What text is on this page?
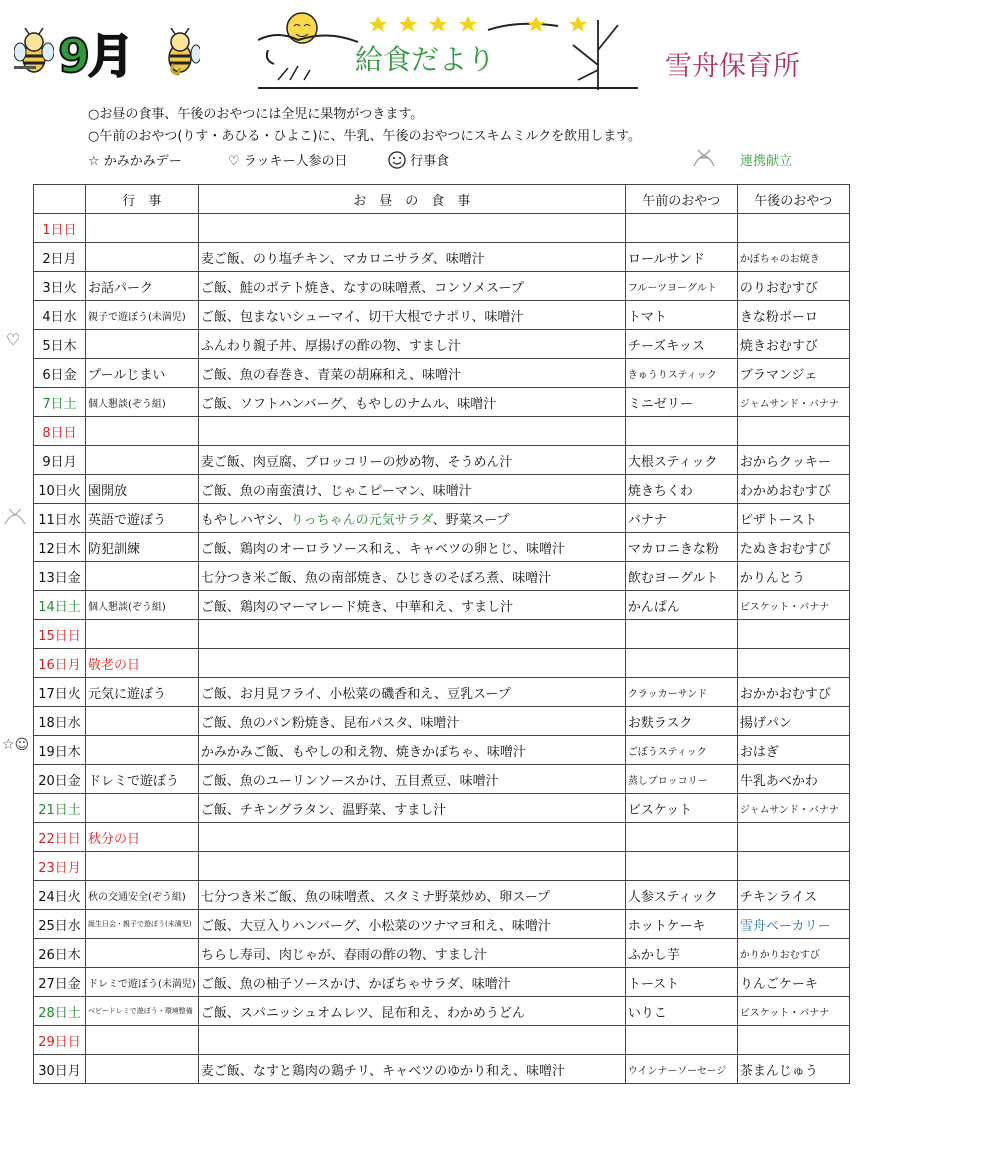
9月	給食だより	雪舟保育所
○お昼の食事、午後のおやつには全児に果物がつきます。
○午前のおやつ(りす・あひる・ひよこ)に、牛乳、午後のおやつにスキムミルクを飲用します。
☆ かみかみデー	♡ ラッキー人参の日	行事食	連携献立
♡
☆☺
	行　事	お　昼　の　食　事	午前のおやつ	午後のおやつ
1日日				
2日月		麦ご飯、のり塩チキン、マカロニサラダ、味噌汁	ロールサンド	かぼちゃのお焼き
3日火	お話パーク	ご飯、鮭のポテト焼き、なすの味噌煮、コンソメスープ	フルーツヨーグルト	のりおむすび
4日水	親子で遊ぼう(未満児)	ご飯、包まないシューマイ、切干大根でナポリ、味噌汁	トマト	きな粉ボーロ
5日木		ふんわり親子丼、厚揚げの酢の物、すまし汁	チーズキッス	焼きおむすび
6日金	プールじまい	ご飯、魚の春巻き、青菜の胡麻和え、味噌汁	きゅうりスティック	ブラマンジェ
7日土	個人懇談(ぞう組)	ご飯、ソフトハンバーグ、もやしのナムル、味噌汁	ミニゼリー	ジャムサンド・バナナ
8日日				
9日月		麦ご飯、肉豆腐、ブロッコリーの炒め物、そうめん汁	大根スティック	おからクッキー
10日火	園開放	ご飯、魚の南蛮漬け、じゃこピーマン、味噌汁	焼きちくわ	わかめおむすび
11日水	英語で遊ぼう	もやしハヤシ、りっちゃんの元気サラダ、野菜スープ	バナナ	ピザトースト
12日木	防犯訓練	ご飯、鶏肉のオーロラソース和え、キャベツの卵とじ、味噌汁	マカロニきな粉	たぬきおむすび
13日金		七分つき米ご飯、魚の南部焼き、ひじきのそぼろ煮、味噌汁	飲むヨーグルト	かりんとう
14日土	個人懇談(ぞう組)	ご飯、鶏肉のマーマレード焼き、中華和え、すまし汁	かんぱん	ビスケット・バナナ
15日日				
16日月	敬老の日			
17日火	元気に遊ぼう	ご飯、お月見フライ、小松菜の磯香和え、豆乳スープ	クラッカーサンド	おかかおむすび
18日水		ご飯、魚のパン粉焼き、昆布パスタ、味噌汁	お麩ラスク	揚げパン
19日木		かみかみご飯、もやしの和え物、焼きかぼちゃ、味噌汁	ごぼうスティック	おはぎ
20日金	ドレミで遊ぼう	ご飯、魚のユーリンソースかけ、五目煮豆、味噌汁	蒸しブロッコリー	牛乳あべかわ
21日土		ご飯、チキングラタン、温野菜、すまし汁	ビスケット	ジャムサンド・バナナ
22日日	秋分の日			
23日月				
24日火	秋の交通安全(ぞう組)	七分つき米ご飯、魚の味噌煮、スタミナ野菜炒め、卵スープ	人参スティック	チキンライス
25日水	誕生日会・親子で遊ぼう(未満児)	ご飯、大豆入りハンバーグ、小松菜のツナマヨ和え、味噌汁	ホットケーキ	雪舟ベーカリー
26日木		ちらし寿司、肉じゃが、春雨の酢の物、すまし汁	ふかし芋	かりかりおむすび
27日金	ドレミで遊ぼう(未満児)	ご飯、魚の柚子ソースかけ、かぼちゃサラダ、味噌汁	トースト	りんごケーキ
28日土	ベビードレミで遊ぼう・環境整備	ご飯、スパニッシュオムレツ、昆布和え、わかめうどん	いりこ	ビスケット・バナナ
29日日				
30日月		麦ご飯、なすと鶏肉の鶏チリ、キャベツのゆかり和え、味噌汁	ウインナーソーセージ	茶まんじゅう
